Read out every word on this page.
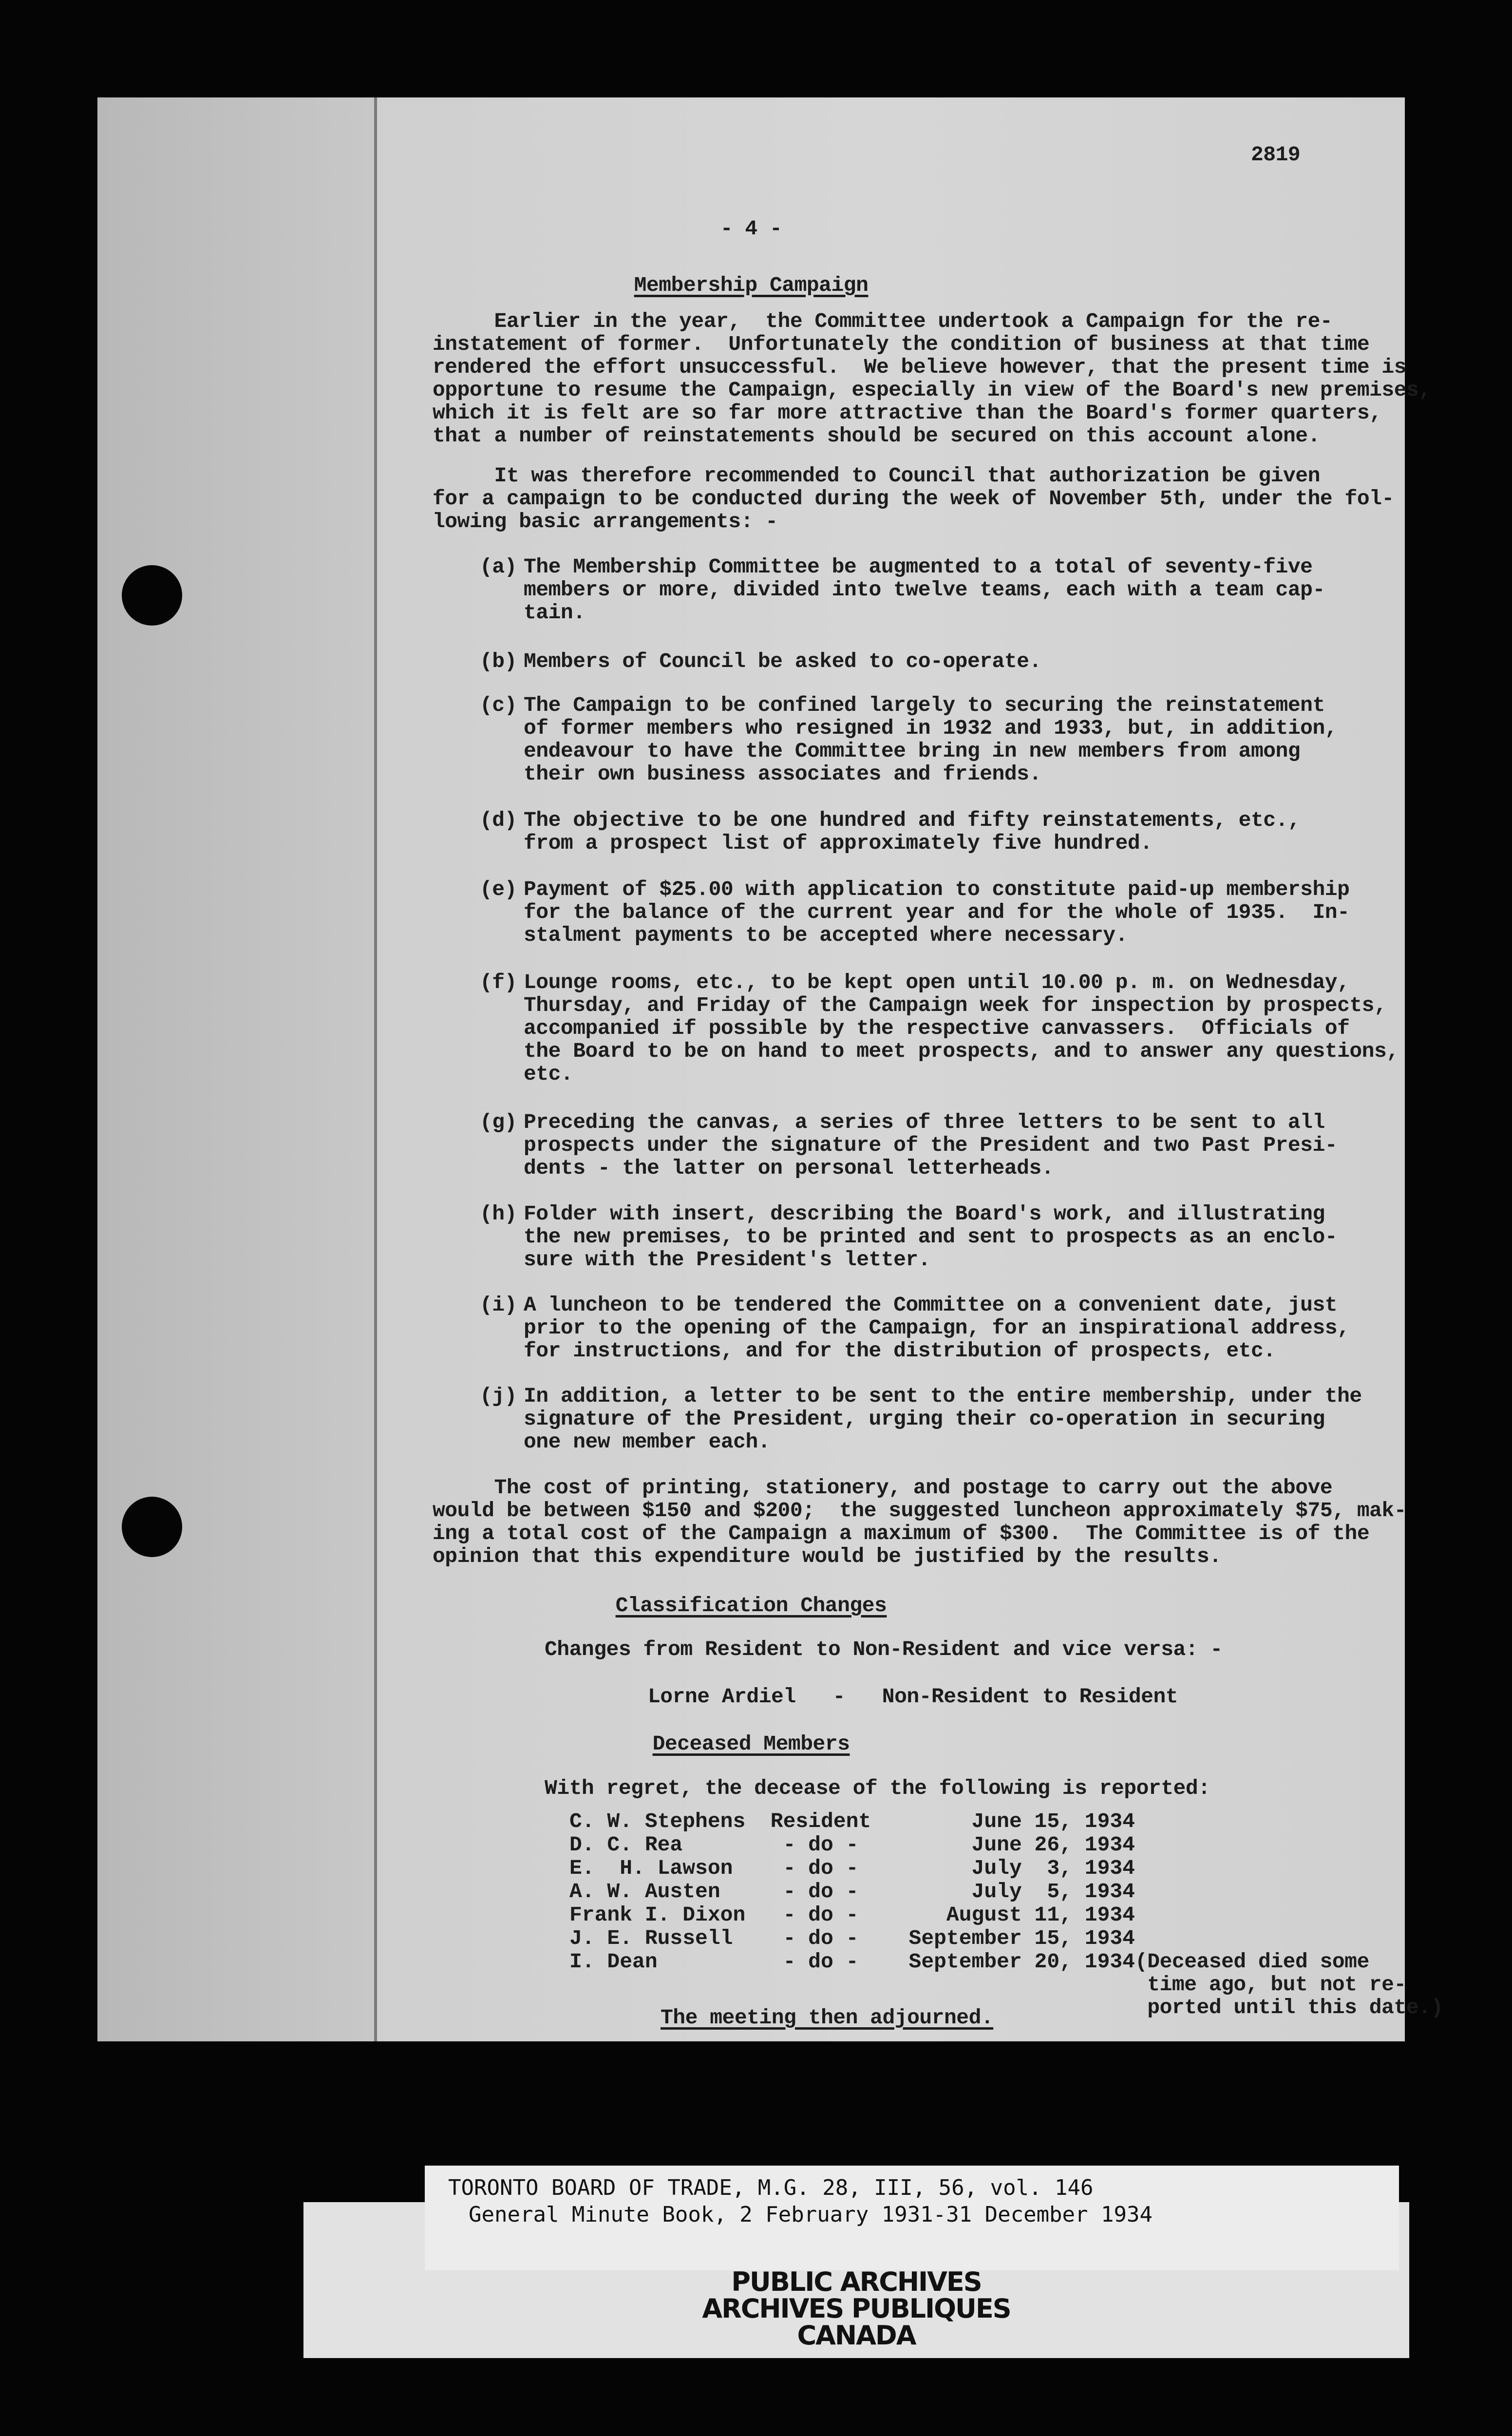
2819
- 4 -
Membership Campaign
Earlier in the year,  the Committee undertook a Campaign for the re-
instatement of former.  Unfortunately the condition of business at that time
rendered the effort unsuccessful.  We believe however, that the present time is
opportune to resume the Campaign, especially in view of the Board's new premises,
which it is felt are so far more attractive than the Board's former quarters,
that a number of reinstatements should be secured on this account alone.
It was therefore recommended to Council that authorization be given
for a campaign to be conducted during the week of November 5th, under the fol-
lowing basic arrangements: -
(a) The Membership Committee be augmented to a total of seventy-five
members or more, divided into twelve teams, each with a team cap-
tain.
(b) Members of Council be asked to co-operate.
(c) The Campaign to be confined largely to securing the reinstatement
of former members who resigned in 1932 and 1933, but, in addition,
endeavour to have the Committee bring in new members from among
their own business associates and friends.
(d) The objective to be one hundred and fifty reinstatements, etc.,
from a prospect list of approximately five hundred.
(e) Payment of $25.00 with application to constitute paid-up membership
for the balance of the current year and for the whole of 1935.  In-
stalment payments to be accepted where necessary.
(f) Lounge rooms, etc., to be kept open until 10.00 p. m. on Wednesday,
Thursday, and Friday of the Campaign week for inspection by prospects,
accompanied if possible by the respective canvassers.  Officials of
the Board to be on hand to meet prospects, and to answer any questions,
etc.
(g) Preceding the canvas, a series of three letters to be sent to all
prospects under the signature of the President and two Past Presi-
dents - the latter on personal letterheads.
(h) Folder with insert, describing the Board's work, and illustrating
the new premises, to be printed and sent to prospects as an enclo-
sure with the President's letter.
(i) A luncheon to be tendered the Committee on a convenient date, just
prior to the opening of the Campaign, for an inspirational address,
for instructions, and for the distribution of prospects, etc.
(j) In addition, a letter to be sent to the entire membership, under the
signature of the President, urging their co-operation in securing
one new member each.
The cost of printing, stationery, and postage to carry out the above
would be between $150 and $200;  the suggested luncheon approximately $75, mak-
ing a total cost of the Campaign a maximum of $300.  The Committee is of the
opinion that this expenditure would be justified by the results.
Classification Changes
Changes from Resident to Non-Resident and vice versa: -
Lorne Ardiel   -   Non-Resident to Resident
Deceased Members
With regret, the decease of the following is reported:
C. W. Stephens	Resident	June 15, 1934
D. C. Rea	- do -	June 26, 1934
E.  H. Lawson	- do -	July  3, 1934
A. W. Austen	- do -	July  5, 1934
Frank I. Dixon	- do -	August 11, 1934
J. E. Russell	- do -	September 15, 1934
I. Dean	- do -	September 20, 1934 (Deceased died some
time ago, but not re-
ported until this date.)
The meeting then adjourned.
TORONTO BOARD OF TRADE, M.G. 28, III, 56, vol. 146
General Minute Book, 2 February 1931-31 December 1934
PUBLIC ARCHIVES
ARCHIVES PUBLIQUES
CANADA
